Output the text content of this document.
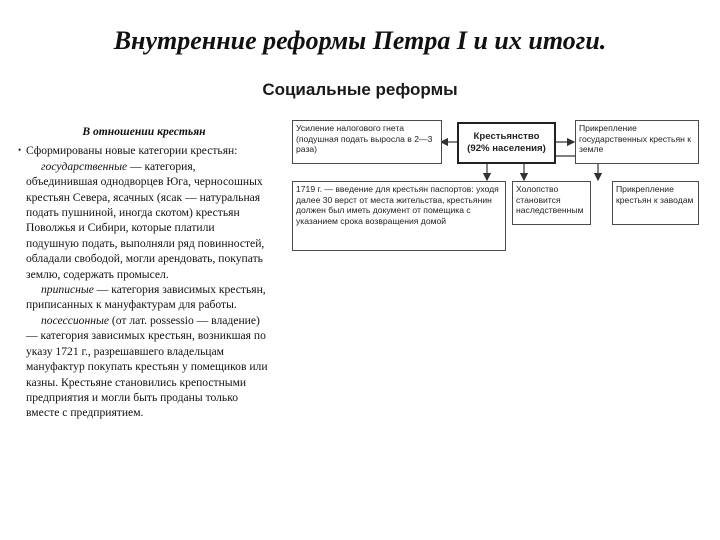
Внутренние реформы Петра I и их итоги.
Социальные реформы
В отношении крестьян
• Сформированы новые категории крестьян:
государственные — категория, объединившая однодворцев Юга, черносошных крестьян Севера, ясачных (ясак — натуральная подать пушниной, иногда скотом) крестьян Поволжья и Сибири, которые платили подушную подать, выполняли ряд повинностей, обладали свободой, могли арендовать, покупать землю, содержать промысел.
приписные — категория зависимых крестьян, приписанных к мануфактурам для работы.
посессионные (от лат. possessio — владение) — категория зависимых крестьян, возникшая по указу 1721 г., разрешавшего владельцам мануфактур покупать крестьян у помещиков или казны. Крестьяне становились крепостными предприятия и могли быть проданы только вместе с предприятием.
Усиление налогового гнета (подушная подать выросла в 2—3 раза)
Крестьянство (92% населения)
Прикрепление государственных крестьян к земле
1719 г. — введение для крестьян паспортов: уходя далее 30 верст от места жительства, крестьянин должен был иметь документ от помещика с указанием срока возвращения домой
Холопство становится наследственным
Прикрепление крестьян к заводам
